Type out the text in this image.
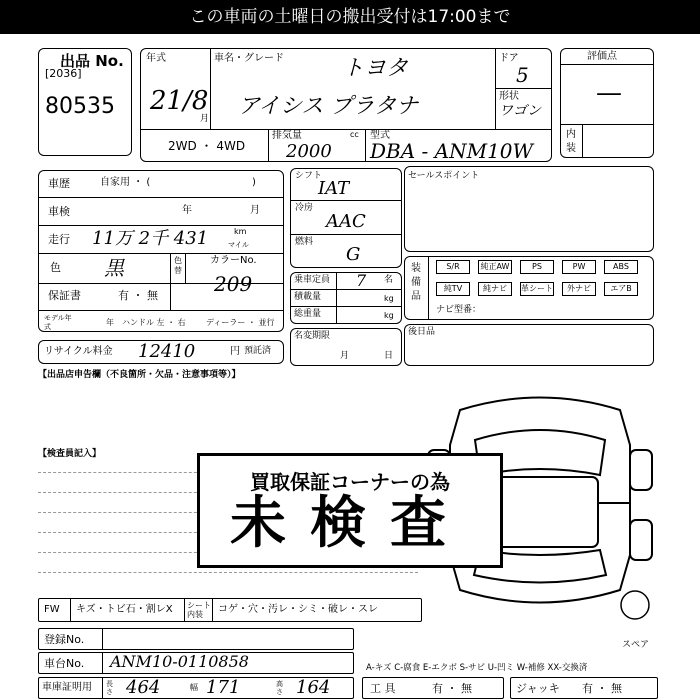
この車両の土曜日の搬出受付は17:00まで
出品 No.
[2036]
80535
年式	車名・グレード	ドア
形状
21/8
月
トヨタ
アイシス プラタナ
5
ワゴン
2WD ・ 4WD
排気量	cc 型式
2000 DBA - ANM10W
評価点
—
内装
車歴	自家用 ・ (	)
車検	年	月
走行 11万 2千 431	マイル
km
色 黒	色替
カラーNo.
209
保証書	有 ・ 無
モデル年式	年 ハンドル 左 ・ 右	ディーラー ・ 並行
リサイクル料金 12410	円 預託済
シフト
IAT
冷房
AAC
燃料
G
乗車定員 7 名
積載量	kg
総重量	kg
名変期限
月	日
セールスポイント
装備品
S/R	純正AW	PS	PW	ABS
純TV	純ナビ	革シート	外ナビ	エアB
ナビ型番：
後日品
【出品店申告欄（不良箇所・欠品・注意事項等）】
【検査員記入】
スペア
買取保証コーナーの為
未検査
FW キズ・トビ石・割レX シート内装	コゲ・穴・汚レ・シミ・破レ・スレ
登録No.
車台No. ANM10-0110858	A-キズ C-腐食 E-エクボ S-サビ U-凹ミ W-補修 XX-交換済
車庫証明用 長さ 464	幅 171	高さ 164	工 具	有 ・ 無	ジャッキ 有 ・ 無
